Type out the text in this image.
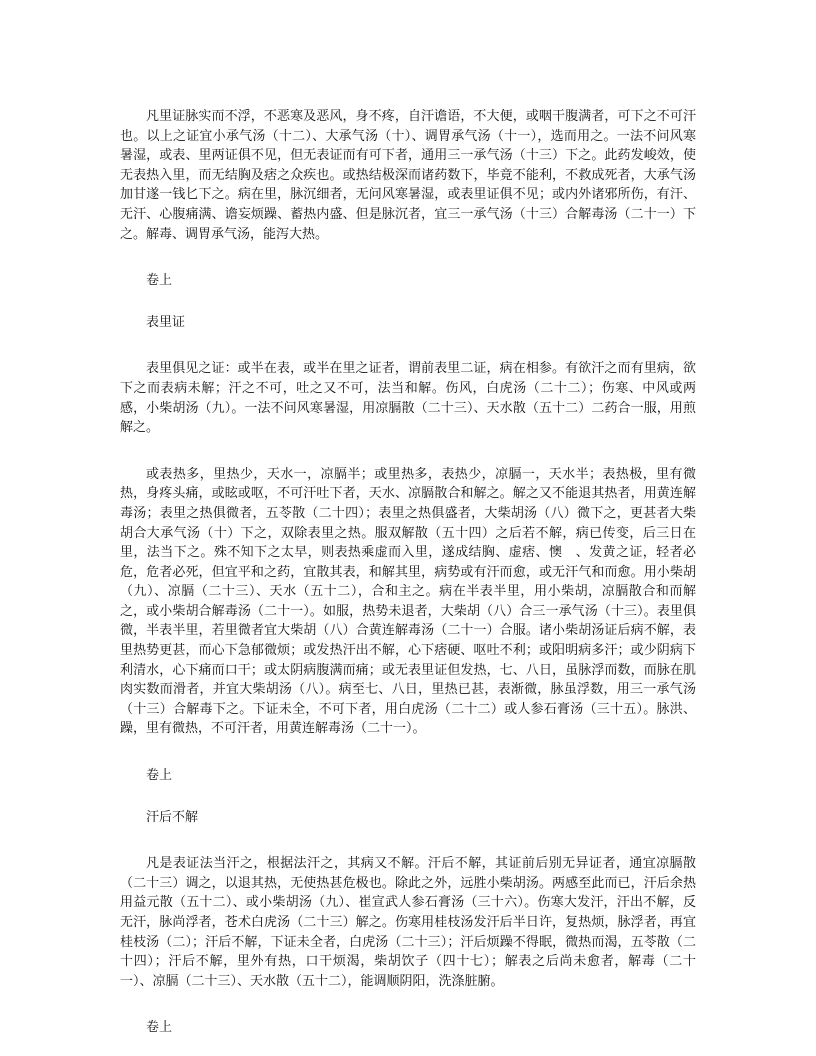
凡里证脉实而不浮，不恶寒及恶风，身不疼，自汗谵语，不大便，或咽干腹满者，可下之不可汗也。以上之证宜小承气汤（十二）、大承气汤（十）、调胃承气汤（十一），选而用之。一法不问风寒暑湿，或表、里两证俱不见，但无表证而有可下者，通用三一承气汤（十三）下之。此药发峻效，使无表热入里，而无结胸及痞之众疾也。或热结极深而诸药数下，毕竟不能利，不救成死者，大承气汤加甘遂一钱匕下之。病在里，脉沉细者，无问风寒暑湿，或表里证俱不见；或内外诸邪所伤，有汗、无汗、心腹痛满、谵妄烦躁、蓄热内盛、但是脉沉者，宜三一承气汤（十三）合解毒汤（二十一）下之。解毒、调胃承气汤，能泻大热。

卷上

表里证

表里俱见之证：或半在表，或半在里之证者，谓前表里二证，病在相参。有欲汗之而有里病，欲下之而表病未解；汗之不可，吐之又不可，法当和解。伤风，白虎汤（二十二）；伤寒、中风或两感，小柴胡汤（九）。一法不问风寒暑湿，用凉膈散（二十三）、天水散（五十二）二药合一服，用煎解之。

或表热多，里热少，天水一，凉膈半；或里热多，表热少，凉膈一，天水半；表热极，里有微热，身疼头痛，或眩或呕，不可汗吐下者，天水、凉膈散合和解之。解之又不能退其热者，用黄连解毒汤；表里之热俱微者，五苓散（二十四）；表里之热俱盛者，大柴胡汤（八）微下之，更甚者大柴胡合大承气汤（十）下之，双除表里之热。服双解散（五十四）之后若不解，病已传变，后三日在里，法当下之。殊不知下之太早，则表热乘虚而入里，遂成结胸、虚痞、懊　、发黄之证，轻者必危，危者必死，但宜平和之药，宜散其表，和解其里，病势或有汗而愈，或无汗气和而愈。用小柴胡（九）、凉膈（二十三）、天水（五十二），合和主之。病在半表半里，用小柴胡，凉膈散合和而解之，或小柴胡合解毒汤（二十一）。如服，热势未退者，大柴胡（八）合三一承气汤（十三）。表里俱微，半表半里，若里微者宜大柴胡（八）合黄连解毒汤（二十一）合服。诸小柴胡汤证后病不解，表里热势更甚，而心下急郁微烦；或发热汗出不解，心下痞硬、呕吐不利；或阳明病多汗；或少阴病下利清水，心下痛而口干；或太阴病腹满而痛；或无表里证但发热，七、八日，虽脉浮而数，而脉在肌肉实数而滑者，并宜大柴胡汤（八）。病至七、八日，里热已甚，表渐微，脉虽浮数，用三一承气汤（十三）合解毒下之。下证未全，不可下者，用白虎汤（二十二）或人参石膏汤（三十五）。脉洪、躁，里有微热，不可汗者，用黄连解毒汤（二十一）。

卷上

汗后不解

凡是表证法当汗之，根据法汗之，其病又不解。汗后不解，其证前后别无异证者，通宜凉膈散（二十三）调之，以退其热，无使热甚危极也。除此之外，远胜小柴胡汤。两感至此而已，汗后余热用益元散（五十二）、或小柴胡汤（九）、崔宣武人参石膏汤（三十六）。伤寒大发汗，汗出不解，反无汗，脉尚浮者，苍术白虎汤（二十三）解之。伤寒用桂枝汤发汗后半日许，复热烦，脉浮者，再宜桂枝汤（二）；汗后不解，下证未全者，白虎汤（二十三）；汗后烦躁不得眠，微热而渴，五苓散（二十四）；汗后不解，里外有热，口干烦渴，柴胡饮子（四十七）；解表之后尚未愈者，解毒（二十一）、凉膈（二十三）、天水散（五十二），能调顺阴阳，洗涤脏腑。

卷上
